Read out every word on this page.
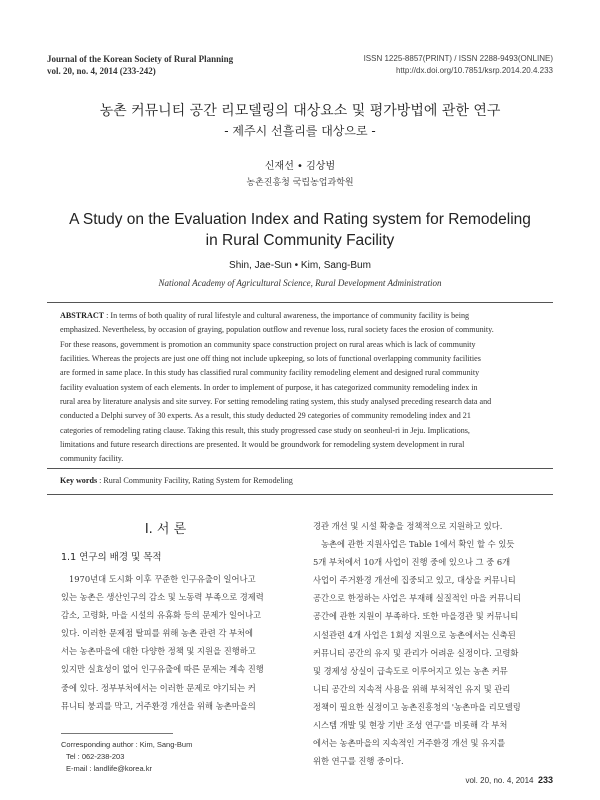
Journal of the Korean Society of Rural Planning
vol. 20, no. 4, 2014 (233-242)
ISSN 1225-8857(PRINT) / ISSN 2288-9493(ONLINE)
http://dx.doi.org/10.7851/ksrp.2014.20.4.233
농촌 커뮤니티 공간 리모델링의 대상요소 및 평가방법에 관한 연구
- 제주시 선흘리를 대상으로 -
신재선 • 김상범
농촌진흥청 국립농업과학원
A Study on the Evaluation Index and Rating system for Remodeling
in Rural Community Facility
Shin, Jae-Sun • Kim, Sang-Bum
National Academy of Agricultural Science, Rural Development Administration
ABSTRACT : In terms of both quality of rural lifestyle and cultural awareness, the importance of community facility is being
emphasized. Nevertheless, by occasion of graying, population outflow and revenue loss, rural society faces the erosion of community.
For these reasons, government is promotion an community space construction project on rural areas which is lack of community
facilities. Whereas the projects are just one off thing not include upkeeping, so lots of functional overlapping community facilities
are formed in same place. In this study has classified rural community facility remodeling element and designed rural community
facility evaluation system of each elements. In order to implement of purpose, it has categorized community remodeling index in
rural area by literature analysis and site survey. For setting remodeling rating system, this study analysed preceding research data and
conducted a Delphi survey of 30 experts. As a result, this study deducted 29 categories of community remodeling index and 21
categories of remodeling rating clause. Taking this result, this study progressed case study on seonheul-ri in Jeju. Implications,
limitations and future research directions are presented. It would be groundwork for remodeling system development in rural
community facility.
Key words : Rural Community Facility, Rating System for Remodeling
I. 서 론
1.1 연구의 배경 및 목적
1970년대 도시화 이후 꾸준한 인구유출이 일어나고
있는 농촌은 생산인구의 감소 및 노동력 부족으로 경제력
감소, 고령화, 마을 시설의 유휴화 등의 문제가 일어나고
있다. 이러한 문제점 탈피를 위해 농촌 관련 각 부처에
서는 농촌마을에 대한 다양한 정책 및 지원을 진행하고
있지만 실효성이 없어 인구유출에 따른 문제는 계속 진행
중에 있다. 정부부처에서는 이러한 문제로 야기되는 커
뮤니티 붕괴를 막고, 거주환경 개선을 위해 농촌마을의
경관 개선 및 시설 확충을 정책적으로 지원하고 있다.
농촌에 관한 지원사업은 Table 1에서 확인 할 수 있듯
5개 부처에서 10개 사업이 진행 중에 있으나 그 중 6개
사업이 주거환경 개선에 집중되고 있고, 대상을 커뮤니티
공간으로 한정하는 사업은 부재해 실질적인 마을 커뮤니티
공간에 관한 지원이 부족하다. 또한 마을경관 및 커뮤니티
시설관련 4개 사업은 1회성 지원으로 농촌에서는 신축된
커뮤니티 공간의 유지 및 관리가 어려운 실정이다. 고령화
및 경제성 상실이 급속도로 이루어지고 있는 농촌 커뮤
니티 공간의 지속적 사용을 위해 부처적인 유지 및 관리
정책이 필요한 실정이고 농촌진흥청의 '농촌마을 리모델링
시스템 개발 및 현장 기반 조성 연구'를 비롯해 각 부처
에서는 농촌마을의 지속적인 거주환경 개선 및 유지를
위한 연구를 진행 중이다.
Corresponding author : Kim, Sang-Bum
Tel : 062-238-203
E-mail : landlife@korea.kr
vol. 20, no. 4, 2014 233
